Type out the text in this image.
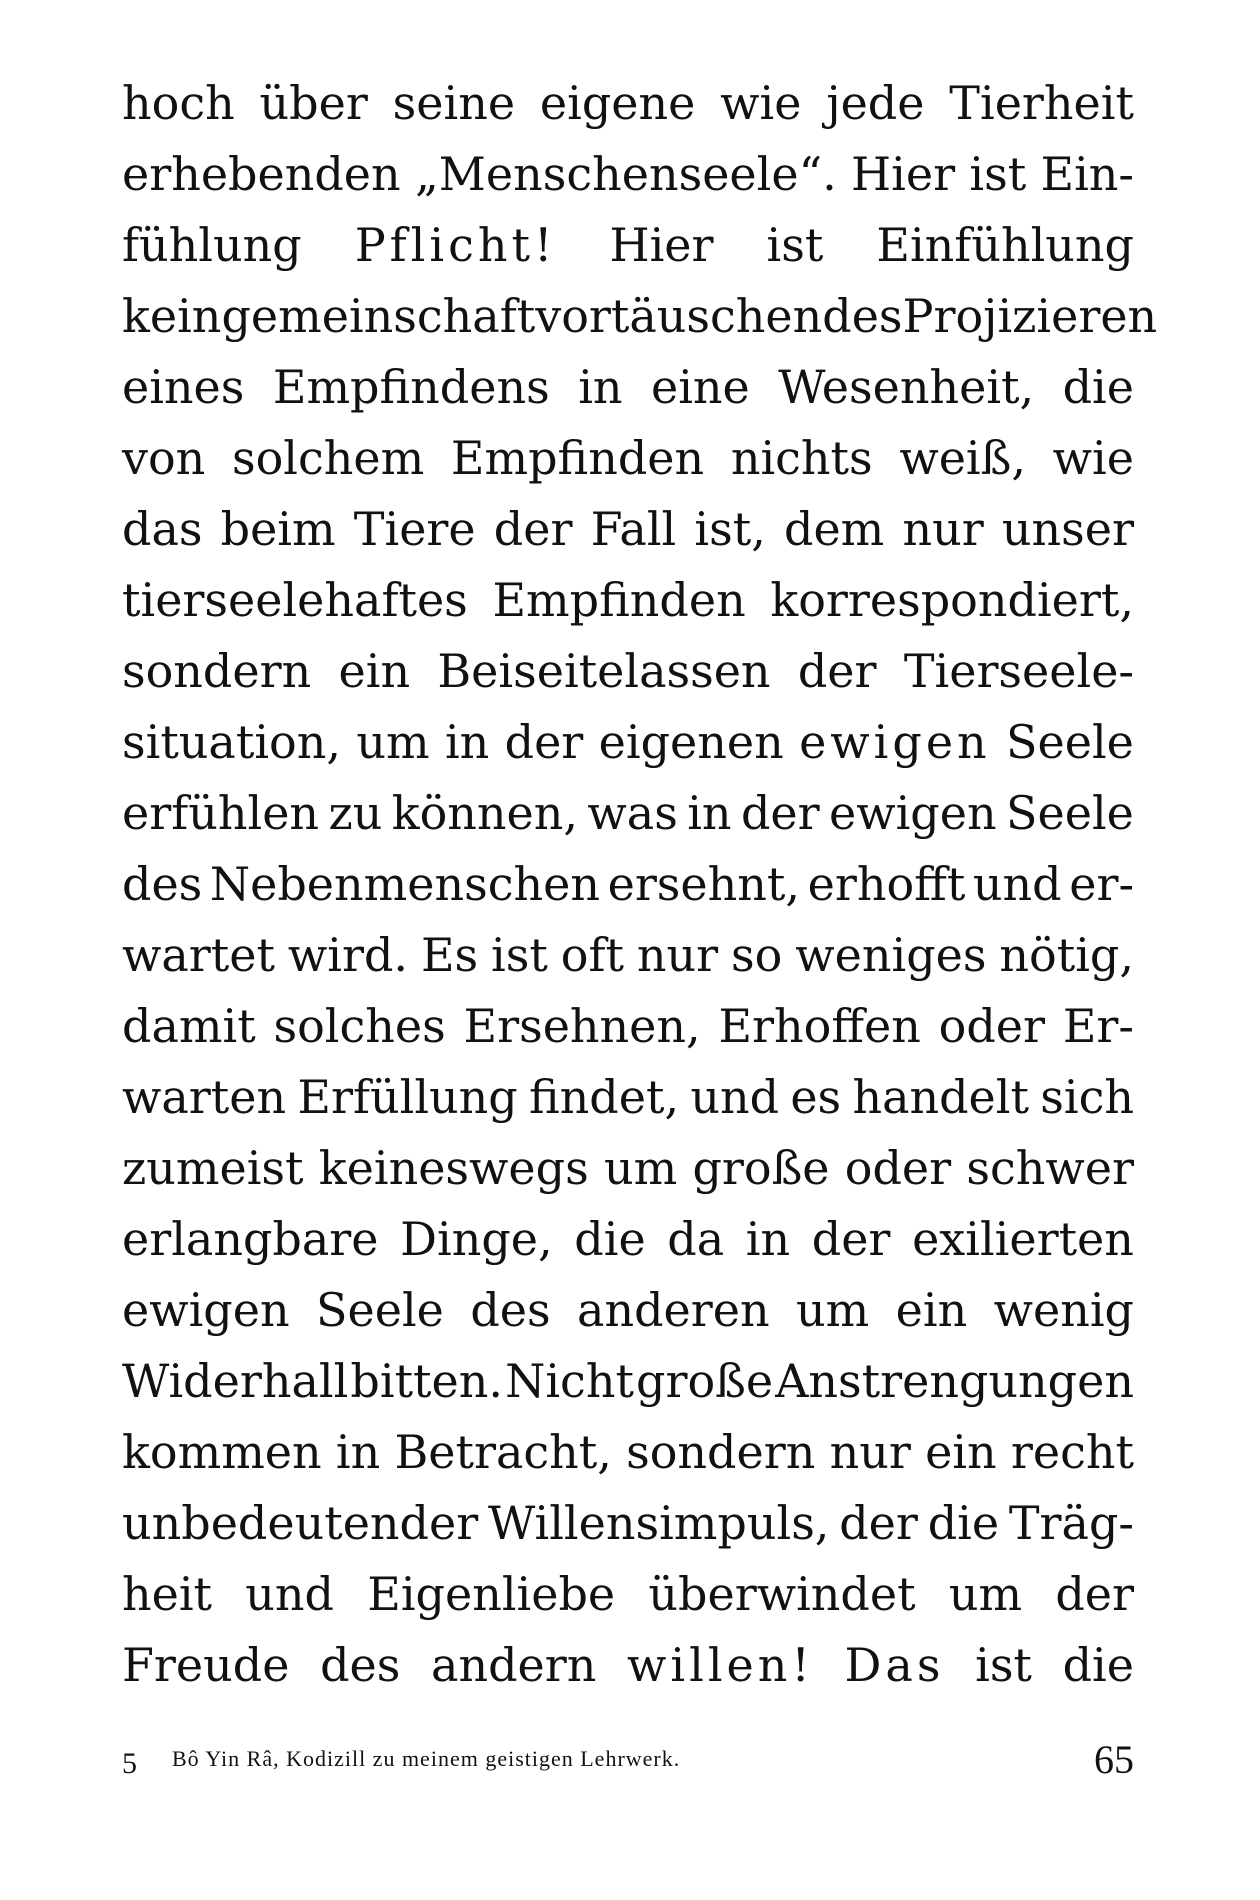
hoch über seine eigene wie jede Tierheit
erhebenden „Menschenseele“. Hier ist Ein-
fühlung Pflicht! Hier ist Einfühlung
kein gemeinschaftvortäuschendes Projizieren
eines Empfindens in eine Wesenheit, die
von solchem Empfinden nichts weiß, wie
das beim Tiere der Fall ist, dem nur unser
tierseelehaftes Empfinden korrespondiert,
sondern ein Beiseitelassen der Tierseele-
situation, um in der eigenen ewigen Seele
erfühlen zu können, was in der ewigen Seele
des Nebenmenschen ersehnt, erhofft und er-
wartet wird. Es ist oft nur so weniges nötig,
damit solches Ersehnen, Erhoffen oder Er-
warten Erfüllung findet, und es handelt sich
zumeist keineswegs um große oder schwer
erlangbare Dinge, die da in der exilierten
ewigen Seele des anderen um ein wenig
Widerhall bitten. Nicht große Anstrengungen
kommen in Betracht, sondern nur ein recht
unbedeutender Willensimpuls, der die Träg-
heit und Eigenliebe überwindet um der
Freude des andern willen! Das ist die
5 Bô Yin Râ, Kodizill zu meinem geistigen Lehrwerk.	65
